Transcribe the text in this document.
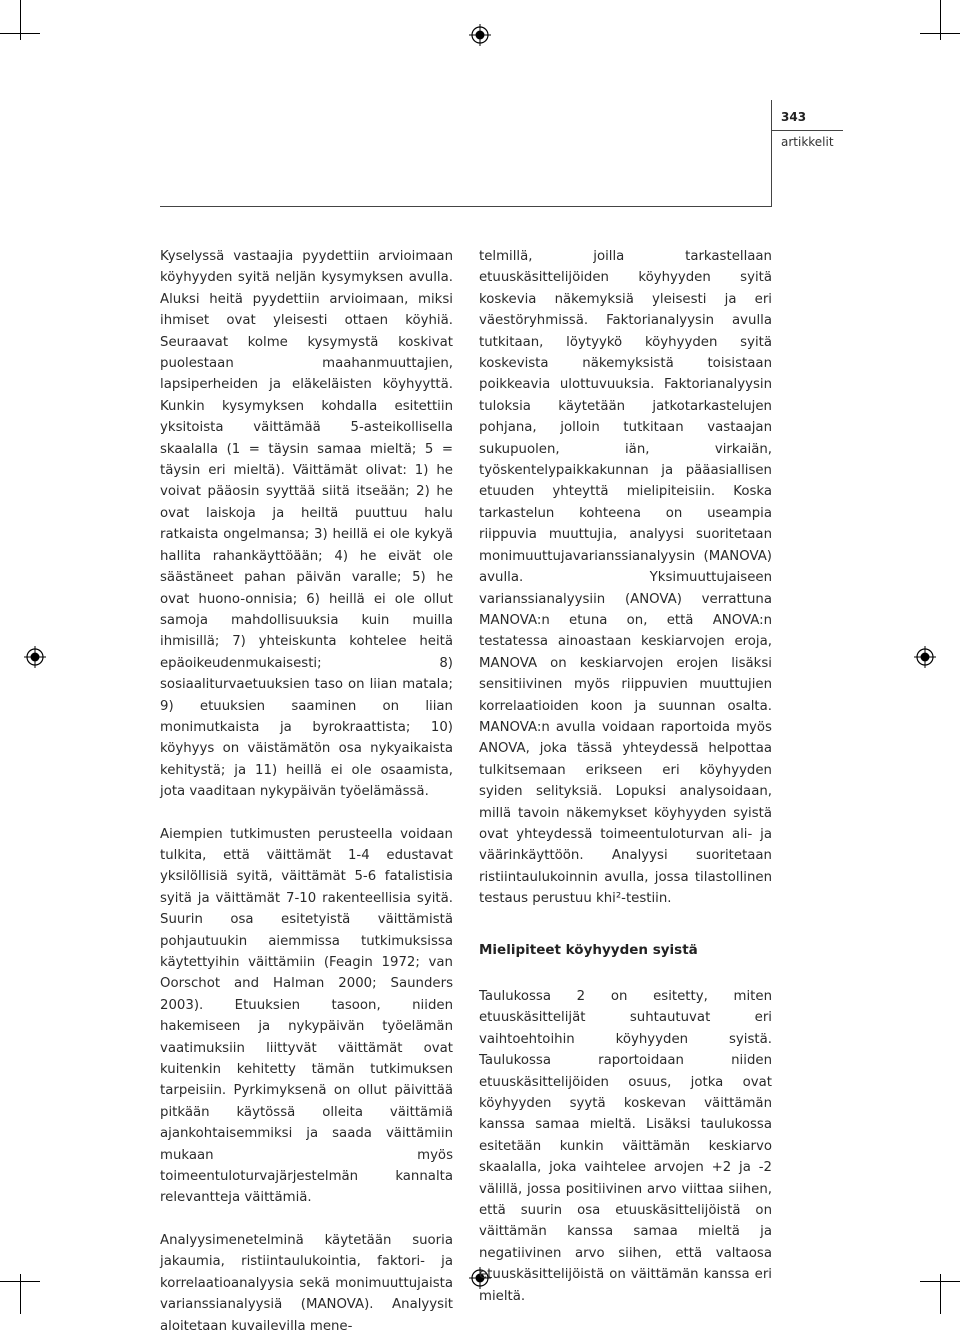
343
artikkelit

Kyselyssä vastaajia pyydettiin arvioimaan köyhyyden syitä neljän kysymyksen avulla. Aluksi heitä pyydettiin arvioimaan, miksi ihmiset ovat yleisesti ottaen köyhiä. Seuraavat kolme kysymystä koskivat puolestaan maahanmuuttajien, lapsiperheiden ja eläkeläisten köyhyyttä. Kunkin kysymyksen kohdalla esitettiin yksitoista väittämää 5-asteikollisella skaalalla (1 = täysin samaa mieltä; 5 = täysin eri mieltä). Väittämät olivat: 1) he voivat pääosin syyttää siitä itseään; 2) he ovat laiskoja ja heiltä puuttuu halu ratkaista ongelmansa; 3) heillä ei ole kykyä hallita rahankäyttöään; 4) he eivät ole säästäneet pahan päivän varalle; 5) he ovat huono-onnisia; 6) heillä ei ole ollut samoja mahdollisuuksia kuin muilla ihmisillä; 7) yhteiskunta kohtelee heitä epäoikeudenmukaisesti; 8) sosiaaliturvaetuuksien taso on liian matala; 9) etuuksien saaminen on liian monimutkaista ja byrokraattista; 10) köyhyys on väistämätön osa nykyaikaista kehitystä; ja 11) heillä ei ole osaamista, jota vaaditaan nykypäivän työelämässä.

Aiempien tutkimusten perusteella voidaan tulkita, että väittämät 1-4 edustavat yksilöllisiä syitä, väittämät 5-6 fatalistisia syitä ja väittämät 7-10 rakenteellisia syitä. Suurin osa esitetyistä väittämistä pohjautuukin aiemmissa tutkimuksissa käytettyihin väittämiin (Feagin 1972; van Oorschot and Halman 2000; Saunders 2003). Etuuksien tasoon, niiden hakemiseen ja nykypäivän työelämän vaatimuksiin liittyvät väittämät ovat kuitenkin kehitetty tämän tutkimuksen tarpeisiin. Pyrkimyksenä on ollut päivittää pitkään käytössä olleita väittämiä ajankohtaisemmiksi ja saada väittämiin mukaan myös toimeentuloturvajärjestelmän kannalta relevantteja väittämiä.

Analyysimenetelminä käytetään suoria jakaumia, ristiintaulukointia, faktori- ja korrelaatioanalyysia sekä monimuuttujaista varianssianalyysiä (MANOVA). Analyysit aloitetaan kuvailevilla mene-

telmillä, joilla tarkastellaan etuuskäsittelijöiden köyhyyden syitä koskevia näkemyksiä yleisesti ja eri väestöryhmissä. Faktorianalyysin avulla tutkitaan, löytyykö köyhyyden syitä koskevista näkemyksistä toisistaan poikkeavia ulottuvuuksia. Faktorianalyysin tuloksia käytetään jatkotarkastelujen pohjana, jolloin tutkitaan vastaajan sukupuolen, iän, virkaiän, työskentelypaikkakunnan ja pääasiallisen etuuden yhteyttä mielipiteisiin. Koska tarkastelun kohteena on useampia riippuvia muuttujia, analyysi suoritetaan monimuuttujavarianssianalyysin (MANOVA) avulla. Yksimuuttujaiseen varianssianalyysiin (ANOVA) verrattuna MANOVA:n etuna on, että ANOVA:n testatessa ainoastaan keskiarvojen eroja, MANOVA on keskiarvojen erojen lisäksi sensitiivinen myös riippuvien muuttujien korrelaatioiden koon ja suunnan osalta. MANOVA:n avulla voidaan raportoida myös ANOVA, joka tässä yhteydessä helpottaa tulkitsemaan erikseen eri köyhyyden syiden selityksiä. Lopuksi analysoidaan, millä tavoin näkemykset köyhyyden syistä ovat yhteydessä toimeentuloturvan ali- ja väärinkäyttöön. Analyysi suoritetaan ristiintaulukoinnin avulla, jossa tilastollinen testaus perustuu khi²-testiin.

Mielipiteet köyhyyden syistä

Taulukossa 2 on esitetty, miten etuuskäsittelijät suhtautuvat eri vaihtoehtoihin köyhyyden syistä. Taulukossa raportoidaan niiden etuuskäsittelijöiden osuus, jotka ovat köyhyyden syytä koskevan väittämän kanssa samaa mieltä. Lisäksi taulukossa esitetään kunkin väittämän keskiarvo skaalalla, joka vaihtelee arvojen +2 ja -2 välillä, jossa positiivinen arvo viittaa siihen, että suurin osa etuuskäsittelijöistä on väittämän kanssa samaa mieltä ja negatiivinen arvo siihen, että valtaosa etuuskäsittelijöistä on väittämän kanssa eri mieltä.
